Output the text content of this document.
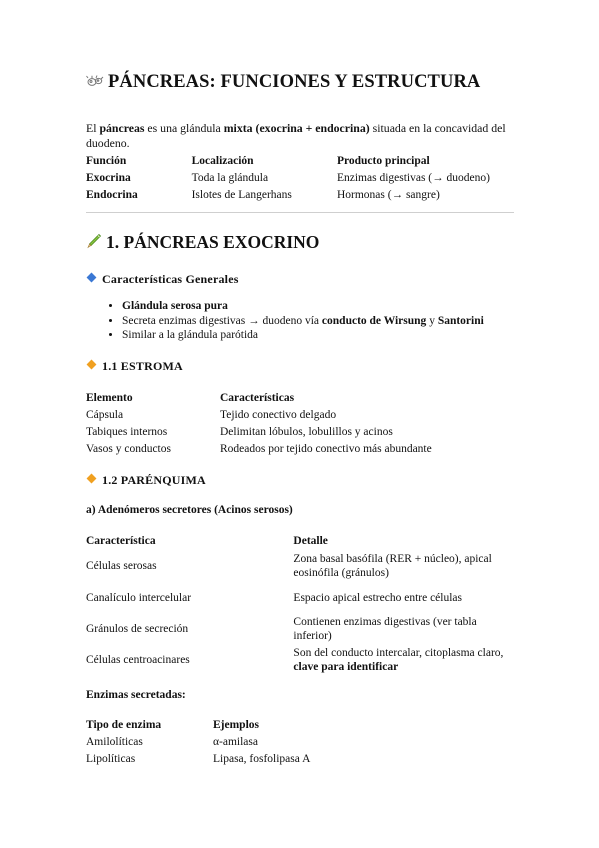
PÁNCREAS: FUNCIONES Y ESTRUCTURA

El páncreas es una glándula mixta (exocrina + endocrina) situada en la concavidad del duodeno.

Función	Localización	Producto principal
Exocrina	Toda la glándula	Enzimas digestivas (→ duodeno)
Endocrina	Islotes de Langerhans	Hormonas (→ sangre)
1. PÁNCREAS EXOCRINO
Características Generales
• Glándula serosa pura
• Secreta enzimas digestivas → duodeno vía conducto de Wirsung y Santorini
• Similar a la glándula parótida
1.1 ESTROMA
Elemento	Características
Cápsula	Tejido conectivo delgado
Tabiques internos	Delimitan lóbulos, lobulillos y acinos
Vasos y conductos	Rodeados por tejido conectivo más abundante
1.2 PARÉNQUIMA
a) Adenómeros secretores (Acinos serosos)
Característica	Detalle
Células serosas	Zona basal basófila (RER + núcleo), apical eosinófila (gránulos)
Canalículo intercelular	Espacio apical estrecho entre células
Gránulos de secreción	Contienen enzimas digestivas (ver tabla inferior)
Células centroacinares	Son del conducto intercalar, citoplasma claro, clave para identificar
Enzimas secretadas:
Tipo de enzima	Ejemplos
Amilolíticas	α-amilasa
Lipolíticas	Lipasa, fosfolipasa A
